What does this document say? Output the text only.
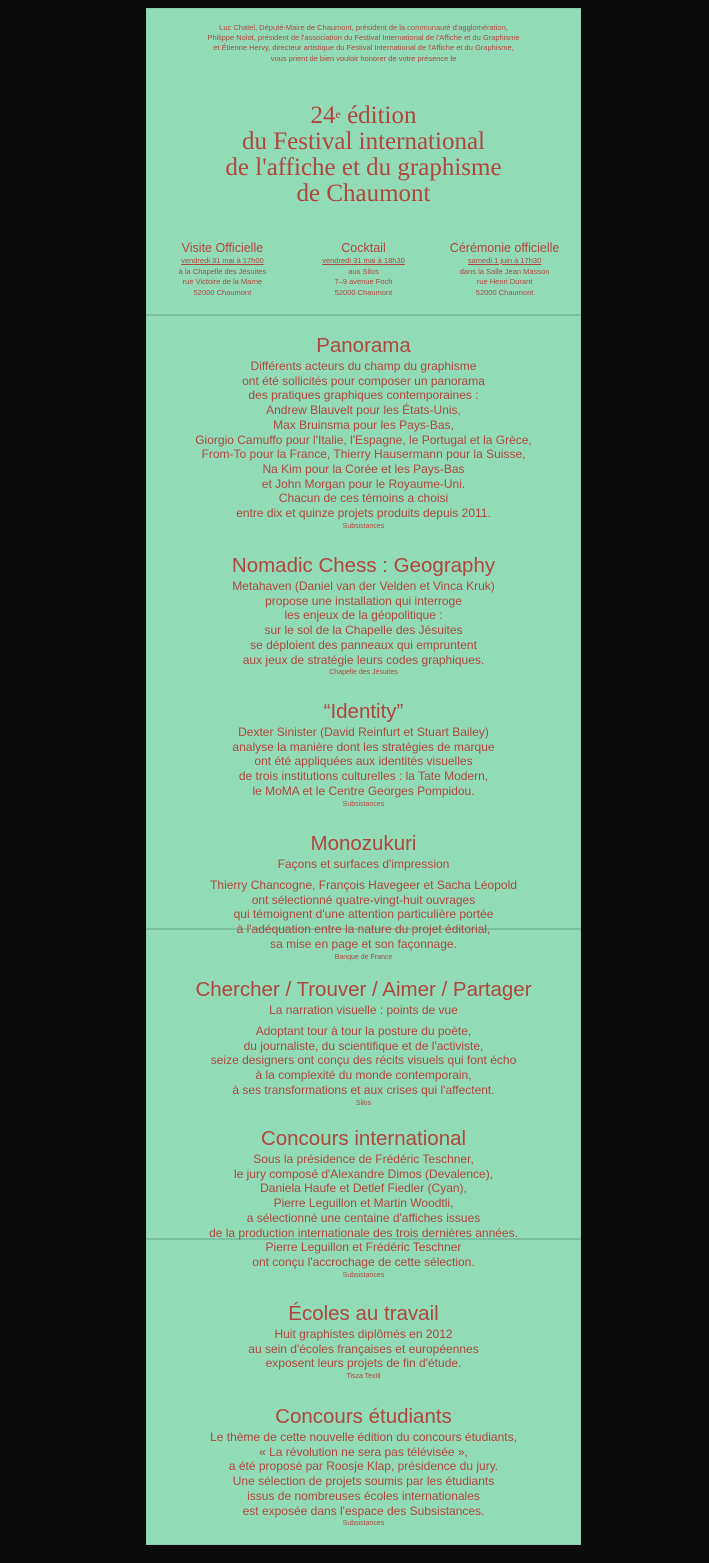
Luc Chatel, Député-Maire de Chaumont, président de la communauté d'agglomération,
Philippe Nolot, président de l'association du Festival International de l'Affiche et du Graphisme
et Étienne Hervy, directeur artistique du Festival International de l'Affiche et du Graphisme,
vous prient de bien vouloir honorer de votre présence le
24e édition
du Festival international
de l'affiche et du graphisme
de Chaumont
Visite Officielle
vendredi 31 mai à 17h00
à la Chapelle des Jésuites
rue Victoire de la Marne
52000 Chaumont
Cocktail
vendredi 31 mai à 18h30
aux Silos
7–9 avenue Foch
52000 Chaumont
Cérémonie officielle
samedi 1 juin à 17h30
dans la Salle Jean Masson
rue Henri Durant
52000 Chaumont
Panorama
Différents acteurs du champ du graphisme
ont été sollicités pour composer un panorama
des pratiques graphiques contemporaines :
Andrew Blauvelt pour les États-Unis,
Max Bruinsma pour les Pays-Bas,
Giorgio Camuffo pour l'Italie, l'Espagne, le Portugal et la Grèce,
From-To pour la France, Thierry Hausermann pour la Suisse,
Na Kim pour la Corée et les Pays-Bas
et John Morgan pour le Royaume-Uni.
Chacun de ces témoins a choisi
entre dix et quinze projets produits depuis 2011.
Subsistances
Nomadic Chess : Geography
Metahaven (Daniel van der Velden et Vinca Kruk)
propose une installation qui interroge
les enjeux de la géopolitique :
sur le sol de la Chapelle des Jésuites
se déploient des panneaux qui empruntent
aux jeux de stratégie leurs codes graphiques.
Chapelle des Jésuites
“Identity”
Dexter Sinister (David Reinfurt et Stuart Bailey)
analyse la manière dont les stratégies de marque
ont été appliquées aux identités visuelles
de trois institutions culturelles : la Tate Modern,
le MoMA et le Centre Georges Pompidou.
Subsistances
Monozukuri
Façons et surfaces d'impression
Thierry Chancogne, François Havegeer et Sacha Léopold
ont sélectionné quatre-vingt-huit ouvrages
qui témoignent d'une attention particulière portée
à l'adéquation entre la nature du projet éditorial,
sa mise en page et son façonnage.
Banque de France
Chercher / Trouver / Aimer / Partager
La narration visuelle : points de vue
Adoptant tour à tour la posture du poète,
du journaliste, du scientifique et de l'activiste,
seize designers ont conçu des récits visuels qui font écho
à la complexité du monde contemporain,
à ses transformations et aux crises qui l'affectent.
Silos
Concours international
Sous la présidence de Frédéric Teschner,
le jury composé d'Alexandre Dimos (Devalence),
Daniela Haufe et Detlef Fiedler (Cyan),
Pierre Leguillon et Martin Woodtli,
a sélectionné une centaine d'affiches issues
de la production internationale des trois dernières années.
Pierre Leguillon et Frédéric Teschner
ont conçu l'accrochage de cette sélection.
Subsistances
Écoles au travail
Huit graphistes diplômés en 2012
au sein d'écoles françaises et européennes
exposent leurs projets de fin d'étude.
Tisza Textil
Concours étudiants
Le thème de cette nouvelle édition du concours étudiants,
« La révolution ne sera pas télévisée »,
a été proposé par Roosje Klap, présidence du jury.
Une sélection de projets soumis par les étudiants
issus de nombreuses écoles internationales
est exposée dans l'espace des Subsistances.
Subsistances
